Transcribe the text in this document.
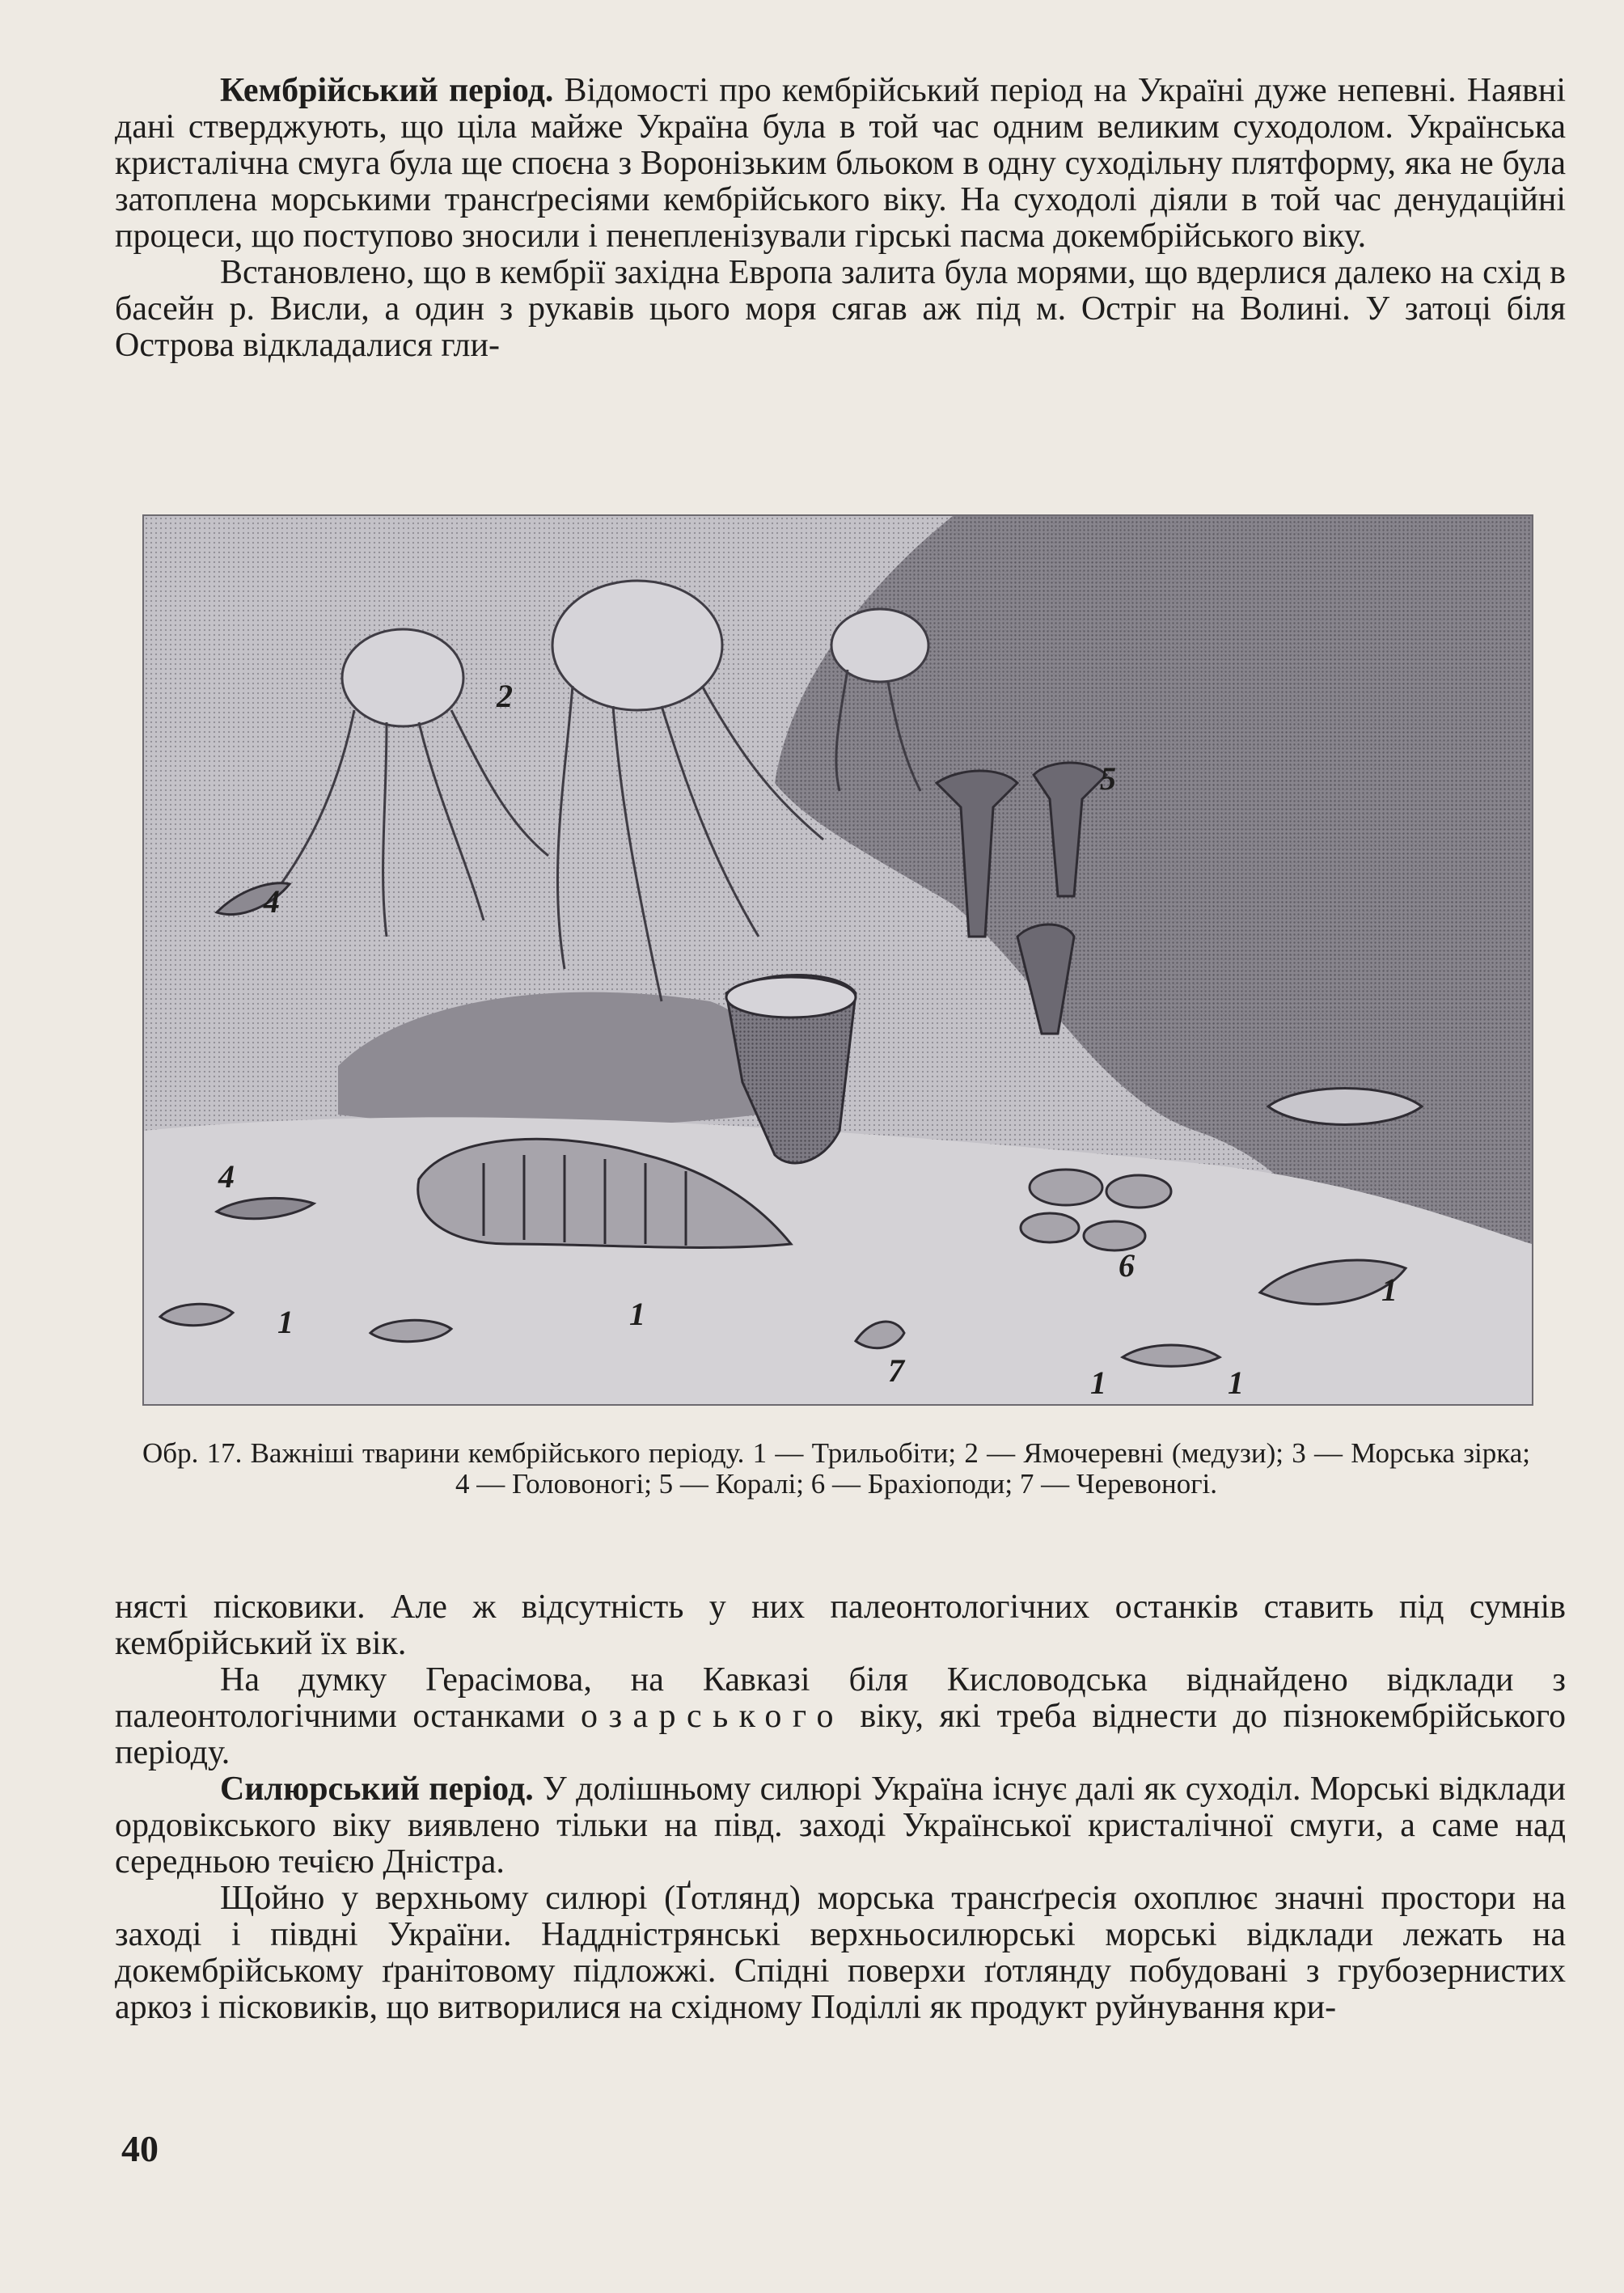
Кембрійський період. Відомості про кембрійський період на Україні дуже непевні. Наявні дані стверджують, що ціла майже Україна була в той час одним великим суходолом. Українська кристалічна смуга була ще споєна з Воронізьким бльоком в одну суходільну плятформу, яка не була затоплена морськими трансґресіями кембрійського віку. На суходолі діяли в той час денудаційні процеси, що поступово зносили і пенепленізували гірські пасма докембрійського віку.

Встановлено, що в кембрії західна Европа залита була морями, що вдерлися далеко на схід в басейн р. Висли, а один з рукавів цього моря сягав аж під м. Остріг на Волині. У затоці біля Острова відкладалися гли-

1
1
1
1
1
2
4
4
5
6
7
Обр. 17. Важніші тварини кембрійського періоду. 1 — Трильобіти; 2 — Ямочеревні (медузи); 3 — Морська зірка; 4 — Головоногі; 5 — Коралі; 6 — Брахіоподи; 7 — Черевоногі.

нясті пісковики. Але ж відсутність у них палеонтологічних останків ставить під сумнів кембрійський їх вік.

На думку Герасімова, на Кавказі біля Кисловодська віднайдено відклади з палеонтологічними останками озарського віку, які треба віднести до пізнокембрійського періоду.

Силюрський період. У долішньому силюрі Україна існує далі як суходіл. Морські відклади ордовікського віку виявлено тільки на півд. заході Української кристалічної смуги, а саме над середньою течією Дністра.

Щойно у верхньому силюрі (Ґотлянд) морська трансґресія охоплює значні простори на заході і півдні України. Наддністрянські верхньосилюрські морські відклади лежать на докембрійському ґранітовому підложжі. Спідні поверхи ґотлянду побудовані з грубозернистих аркоз і пісковиків, що витворилися на східному Поділлі як продукт руйнування кри-

40
